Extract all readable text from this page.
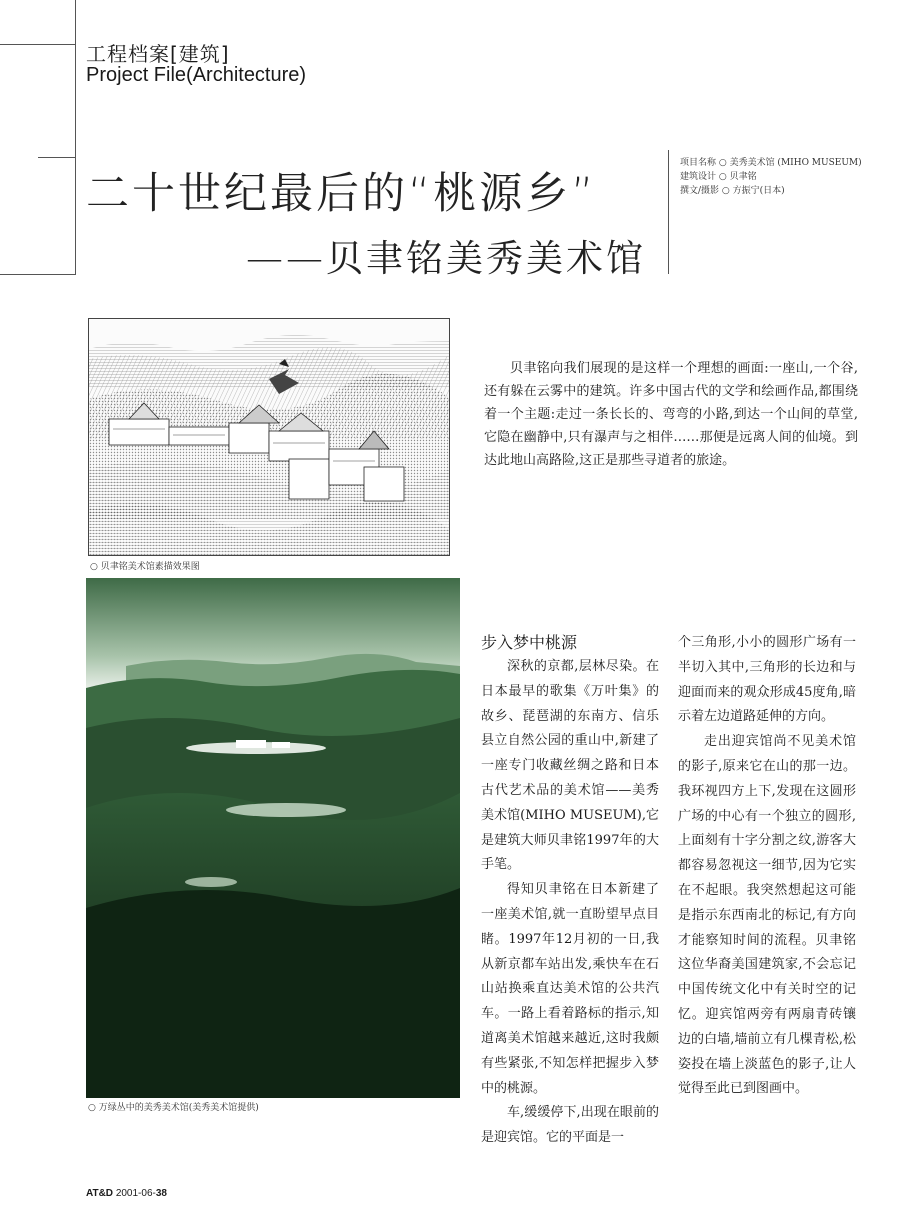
工程档案[建筑]
Project File(Architecture)
二十世纪最后的“桃源乡”
——贝聿铭美秀美术馆
项目名称 ○ 美秀美术馆 (MIHO MUSEUM)
建筑设计 ○ 贝聿铭
撰文/摄影 ○ 方振宁(日本)
○ 贝聿铭美术馆素描效果图
○ 万绿丛中的美秀美术馆(美秀美术馆提供)

贝聿铭向我们展现的是这样一个理想的画面:一座山,一个谷,还有躲在云雾中的建筑。许多中国古代的文学和绘画作品,都围绕着一个主题:走过一条长长的、弯弯的小路,到达一个山间的草堂,它隐在幽静中,只有瀑声与之相伴……那便是远离人间的仙境。到达此地山高路险,这正是那些寻道者的旅途。

步入梦中桃源

深秋的京都,层林尽染。在日本最早的歌集《万叶集》的故乡、琵琶湖的东南方、信乐县立自然公园的重山中,新建了一座专门收藏丝绸之路和日本古代艺术品的美术馆——美秀美术馆(MIHO MUSEUM),它是建筑大师贝聿铭1997年的大手笔。

得知贝聿铭在日本新建了一座美术馆,就一直盼望早点目睹。1997年12月初的一日,我从新京都车站出发,乘快车在石山站换乘直达美术馆的公共汽车。一路上看着路标的指示,知道离美术馆越来越近,这时我颇有些紧张,不知怎样把握步入梦中的桃源。

车,缓缓停下,出现在眼前的是迎宾馆。它的平面是一

个三角形,小小的圆形广场有一半切入其中,三角形的长边和与迎面而来的观众形成45度角,暗示着左边道路延伸的方向。

走出迎宾馆尚不见美术馆的影子,原来它在山的那一边。我环视四方上下,发现在这圆形广场的中心有一个独立的圆形,上面刻有十字分割之纹,游客大都容易忽视这一细节,因为它实在不起眼。我突然想起这可能是指示东西南北的标记,有方向才能察知时间的流程。贝聿铭这位华裔美国建筑家,不会忘记中国传统文化中有关时空的记忆。迎宾馆两旁有两扇青砖镶边的白墙,墙前立有几棵青松,松姿投在墙上淡蓝色的影子,让人觉得至此已到图画中。

AT&D 2001-06-38
